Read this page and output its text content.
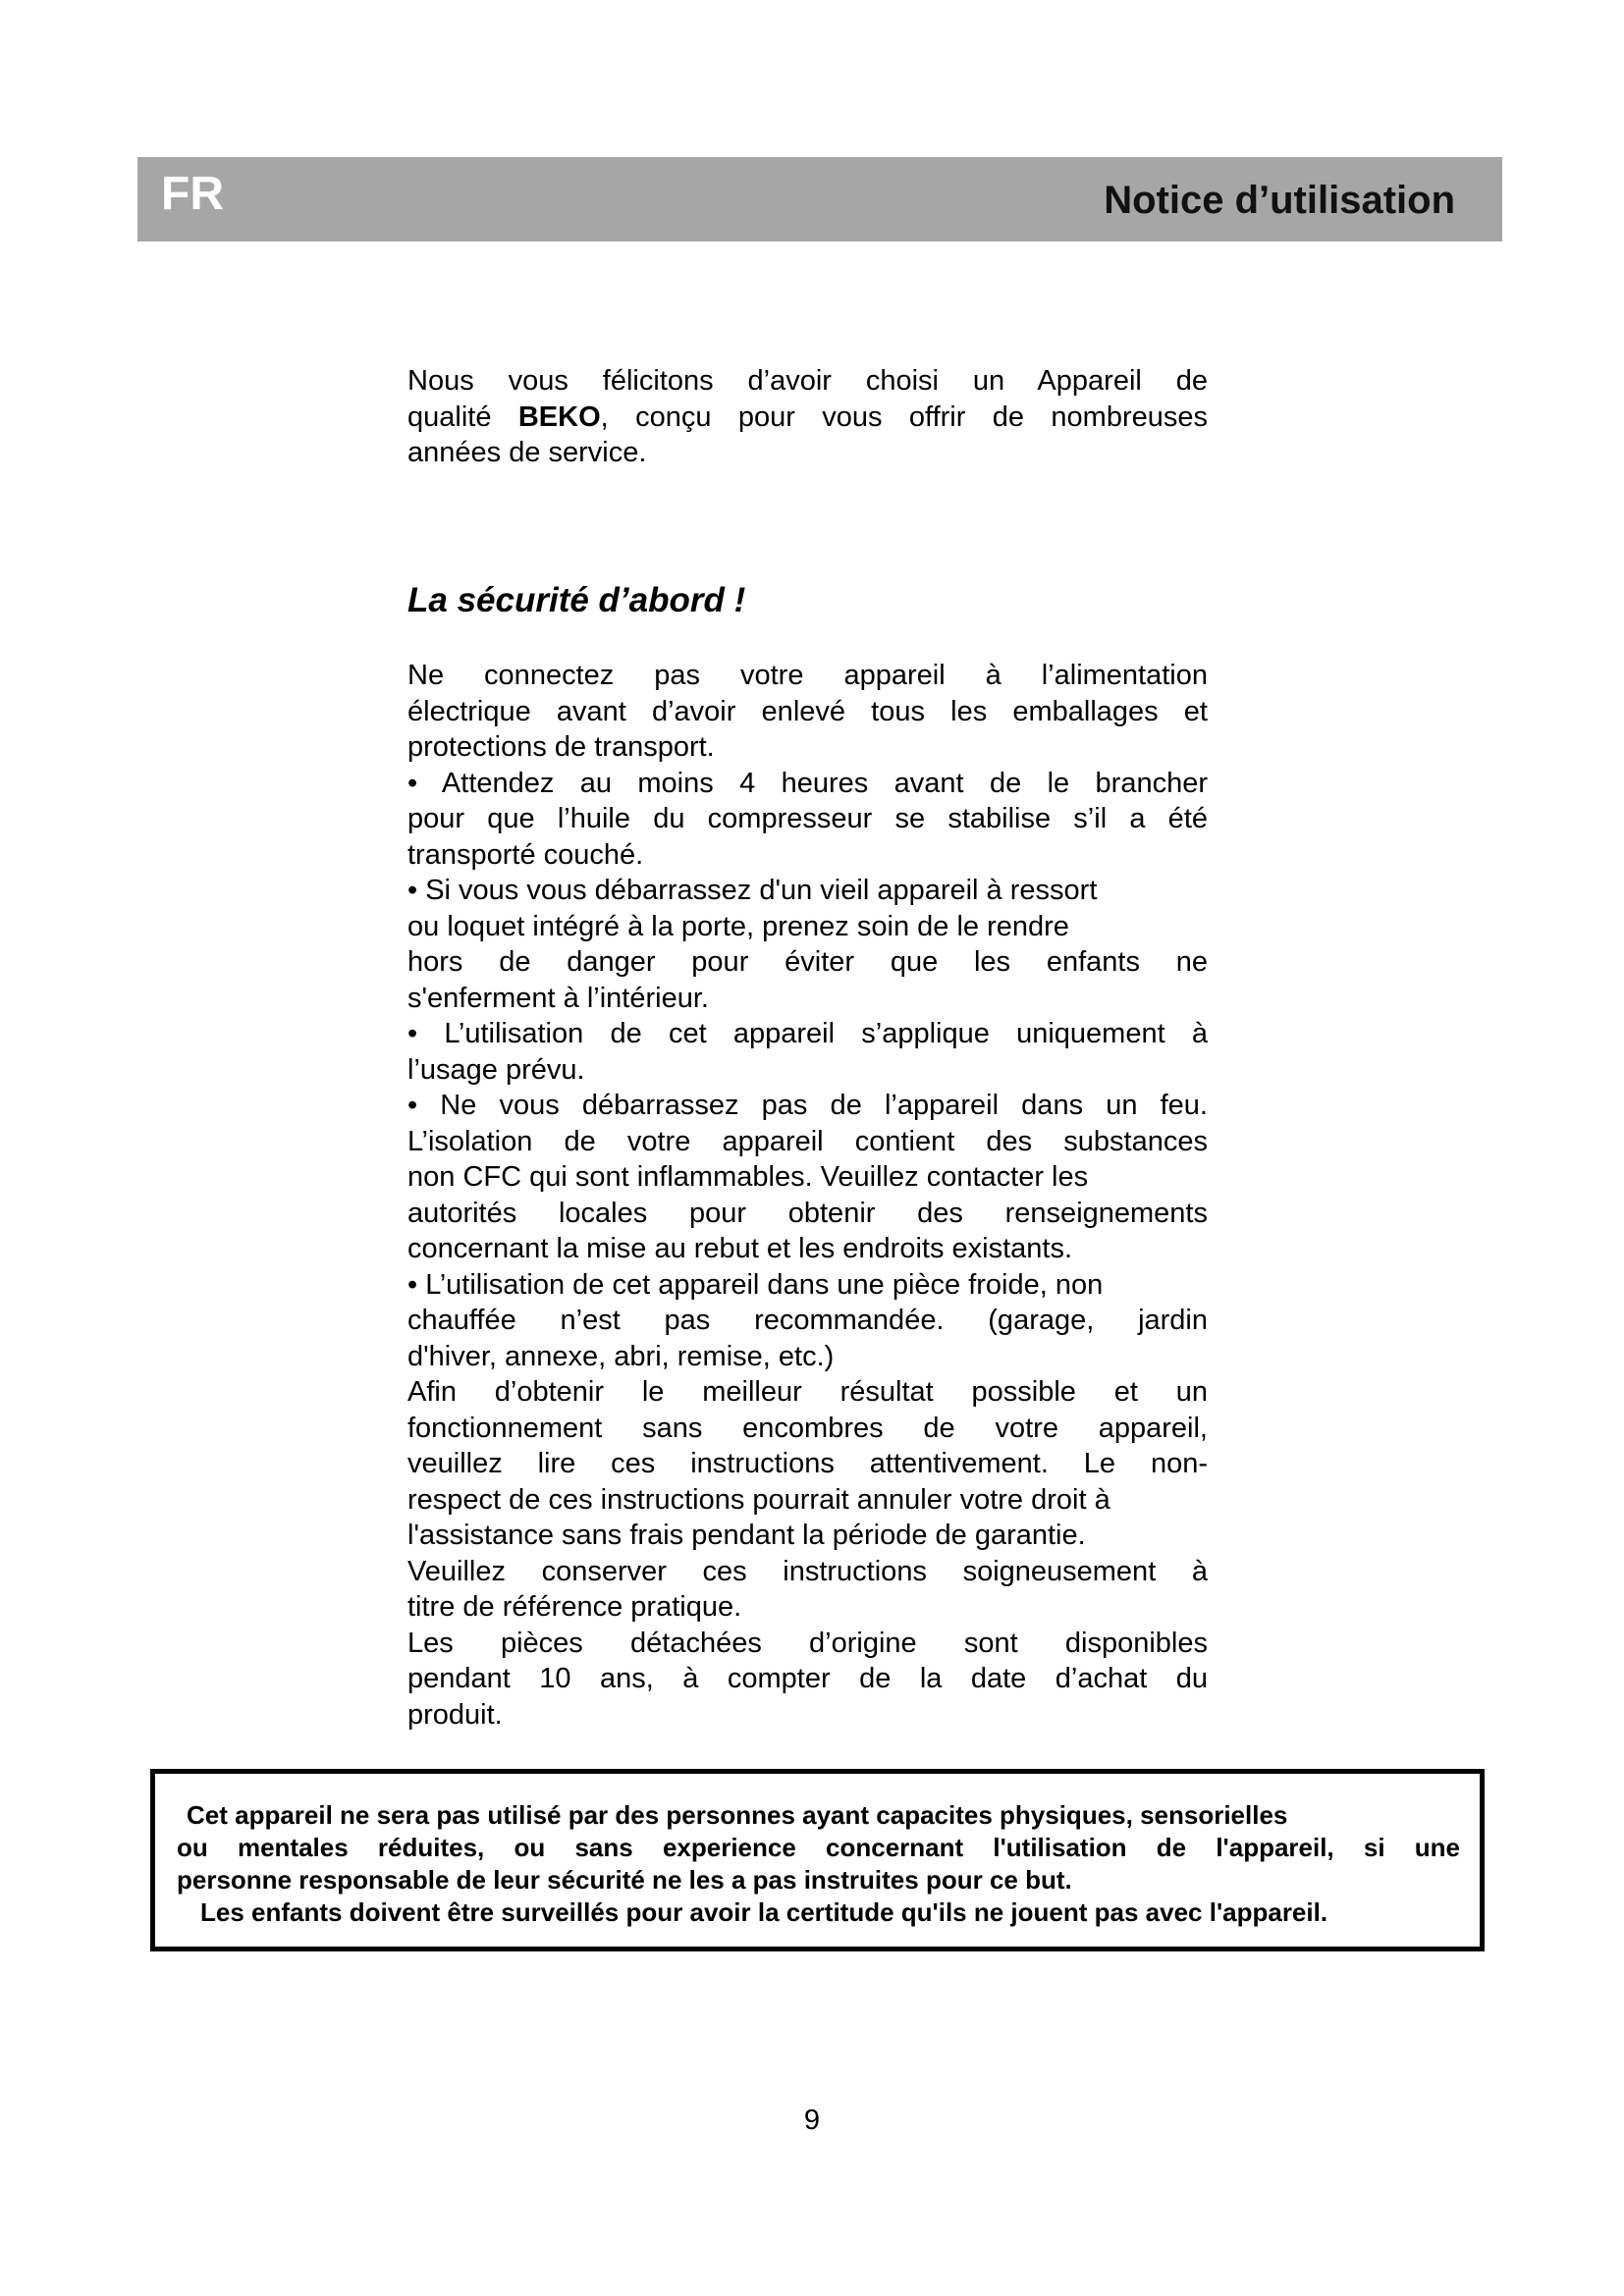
FR	Notice d’utilisation
Nous vous félicitons d’avoir choisi un Appareil de
qualité BEKO, conçu pour vous offrir de nombreuses
années de service.
La sécurité d’abord !
Ne connectez pas votre appareil à l’alimentation
électrique avant d’avoir enlevé tous les emballages et
protections de transport.
• Attendez au moins 4 heures avant de le brancher
pour que l’huile du compresseur se stabilise s’il a été
transporté couché.
• Si vous vous débarrassez d'un vieil appareil à ressort
ou loquet intégré à la porte, prenez soin de le rendre
hors de danger pour éviter que les enfants ne
s'enferment à l’intérieur.
• L’utilisation de cet appareil s’applique uniquement à
l’usage prévu.
• Ne vous débarrassez pas de l’appareil dans un feu.
L’isolation de votre appareil contient des substances
non CFC qui sont inflammables. Veuillez contacter les
autorités locales pour obtenir des renseignements
concernant la mise au rebut et les endroits existants.
• L’utilisation de cet appareil dans une pièce froide, non
chauffée n’est pas recommandée. (garage, jardin
d'hiver, annexe, abri, remise, etc.)
Afin d’obtenir le meilleur résultat possible et un
fonctionnement sans encombres de votre appareil,
veuillez lire ces instructions attentivement. Le non-
respect de ces instructions pourrait annuler votre droit à
l'assistance sans frais pendant la période de garantie.
Veuillez conserver ces instructions soigneusement à
titre de référence pratique.
Les pièces détachées d’origine sont disponibles
pendant 10 ans, à compter de la date d’achat du
produit.
Cet appareil ne sera pas utilisé par des personnes ayant capacites physiques, sensorielles
ou mentales réduites, ou sans experience concernant l'utilisation de l'appareil, si une
personne responsable de leur sécurité ne les a pas instruites pour ce but.
Les enfants doivent être surveillés pour avoir la certitude qu'ils ne jouent pas avec l'appareil.
9
